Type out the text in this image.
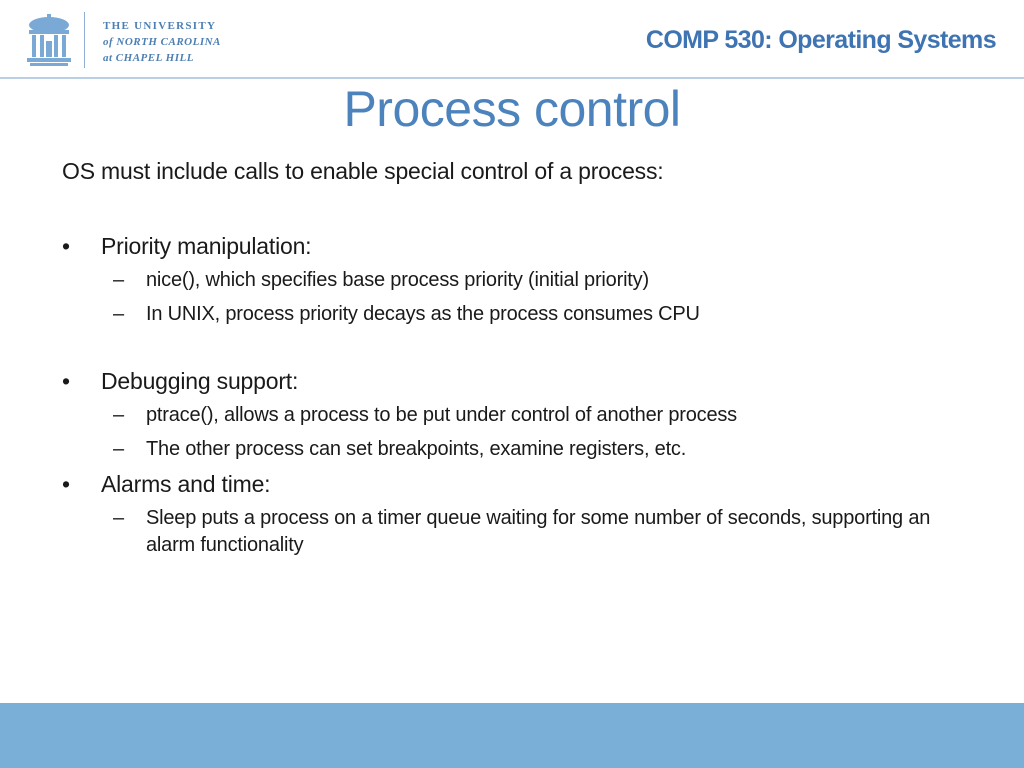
THE UNIVERSITY
of NORTH CAROLINA
at CHAPEL HILL
COMP 530: Operating Systems
Process control
OS must include calls to enable special control of a process:
•	Priority manipulation:
– nice(), which specifies base process priority (initial priority)
– In UNIX, process priority decays as the process consumes CPU
•	Debugging support:
– ptrace(), allows a process to be put under control of another process
– The other process can set breakpoints, examine registers, etc.
•	Alarms and time:
– Sleep puts a process on a timer queue waiting for some number of seconds, supporting an alarm functionality
